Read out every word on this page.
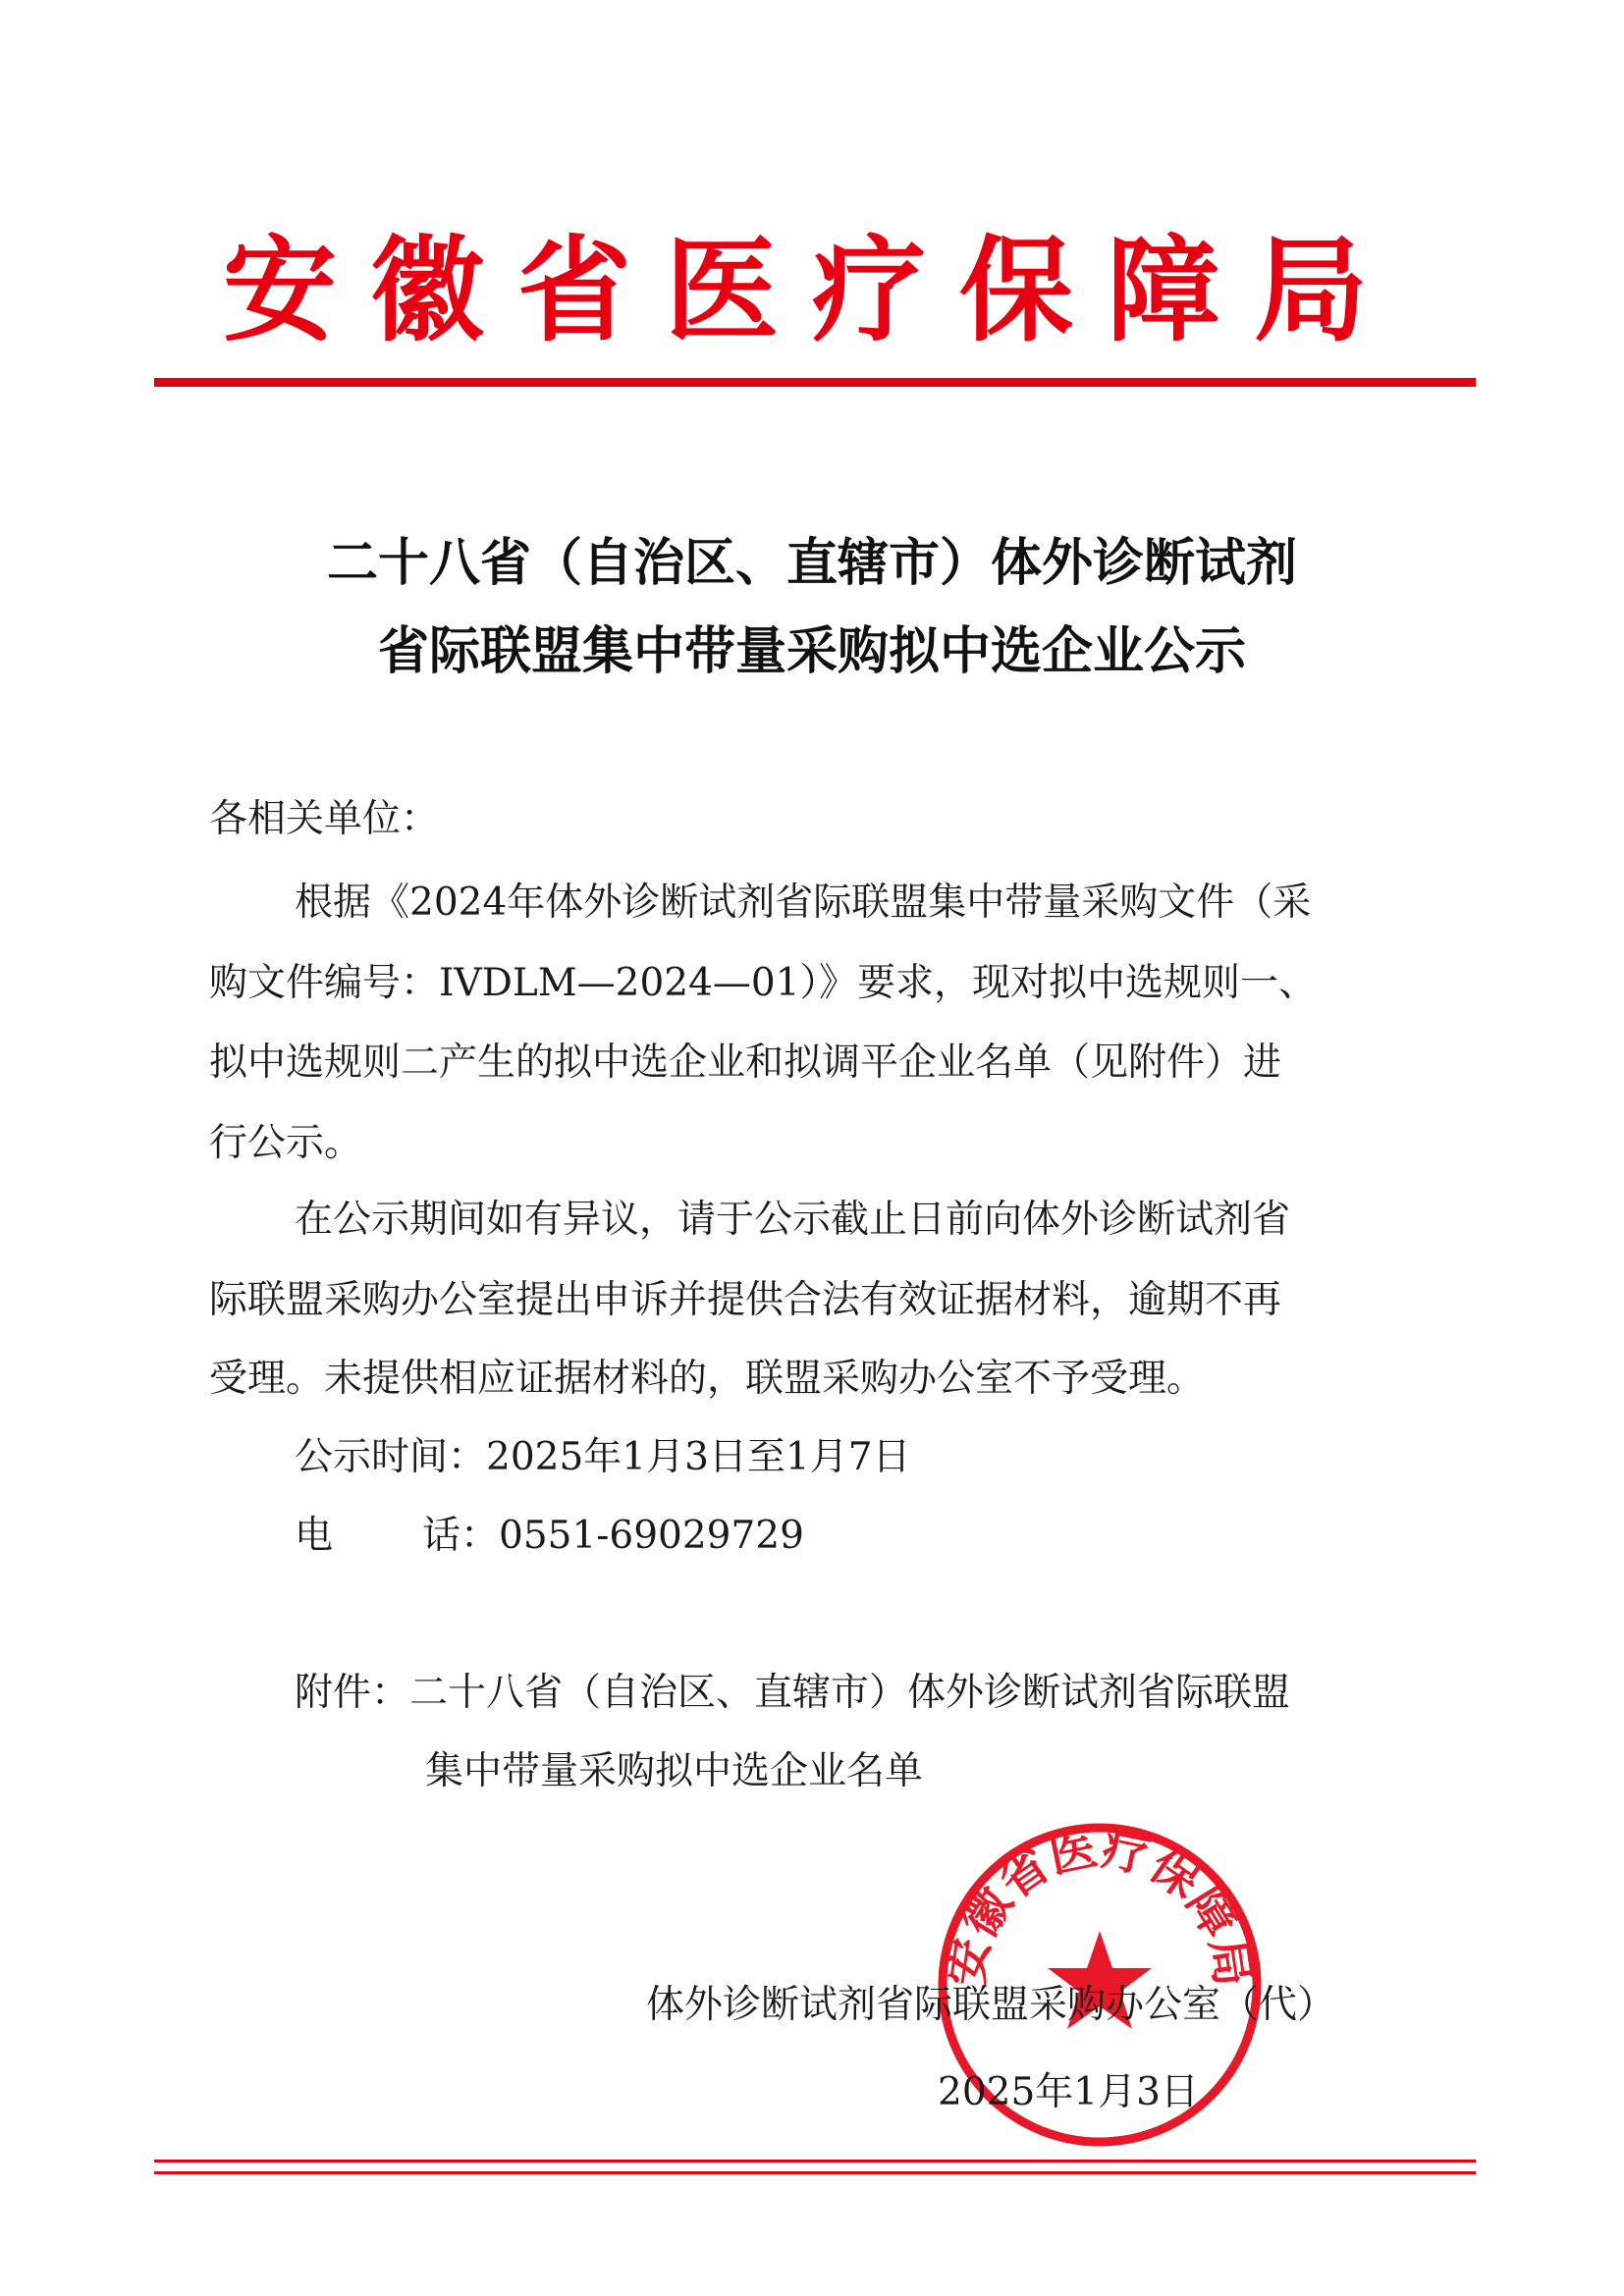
安徽省医疗保障局
二十八省（自治区、直辖市）体外诊断试剂
省际联盟集中带量采购拟中选企业公示
各相关单位：
根据《2024年体外诊断试剂省际联盟集中带量采购文件（采
购文件编号：IVDLM—2024—01）》要求，现对拟中选规则一、
拟中选规则二产生的拟中选企业和拟调平企业名单（见附件）进
行公示。
在公示期间如有异议，请于公示截止日前向体外诊断试剂省
际联盟采购办公室提出申诉并提供合法有效证据材料，逾期不再
受理。未提供相应证据材料的，联盟采购办公室不予受理。
公示时间：2025年1月3日至1月7日
电 话：0551-69029729
附件：二十八省（自治区、直辖市）体外诊断试剂省际联盟
集中带量采购拟中选企业名单
安徽省医疗保障局
体外诊断试剂省际联盟采购办公室（代）
2025年1月3日
